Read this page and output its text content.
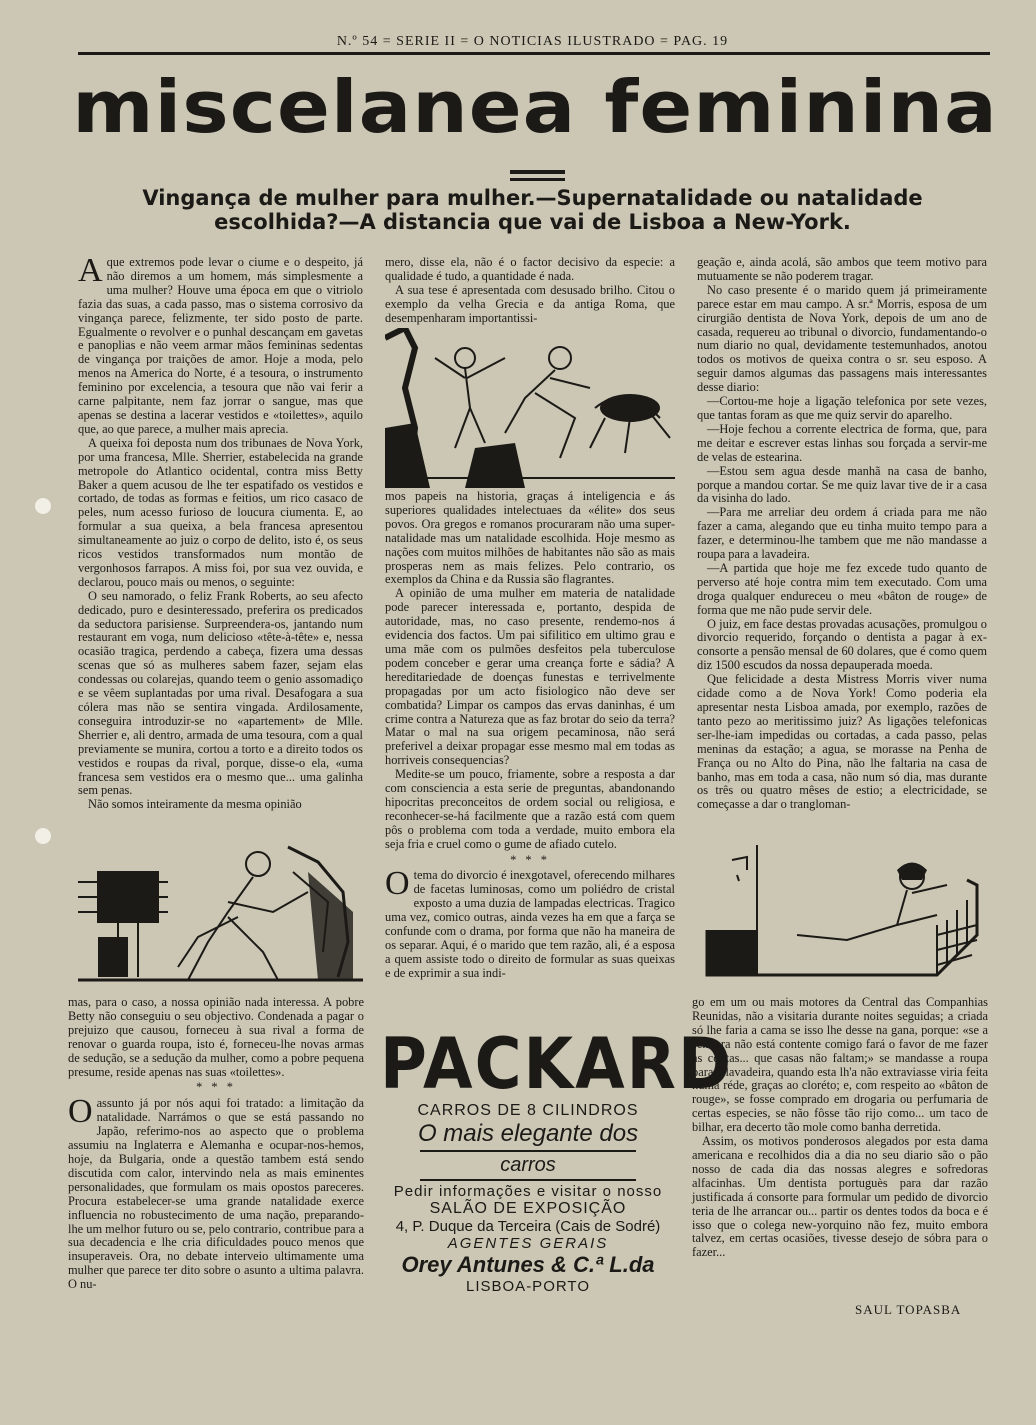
N.º 54 = SERIE II = O NOTICIAS ILUSTRADO = PAG. 19
miscelanea feminina
Vingança de mulher para mulher.—Supernatalidade ou natalidade escolhida?—A distancia que vai de Lisboa a New-York.

Aque extremos pode levar o ciume e o despeito, já não diremos a um homem, más simplesmente a uma mulher? Houve uma época em que o vitriolo fazia das suas, a cada passo, mas o sistema corrosivo da vingança parece, felizmente, ter sido posto de parte. Egualmente o revolver e o punhal descançam em gavetas e panoplias e não veem armar mãos femininas sedentas de vingança por traições de amor. Hoje a moda, pelo menos na America do Norte, é a tesoura, o instrumento feminino por excelencia, a tesoura que não vai ferir a carne palpitante, nem faz jorrar o sangue, mas que apenas se destina a lacerar vestidos e «toilettes», aquilo que, ao que parece, a mulher mais aprecia.

A queixa foi deposta num dos tribunaes de Nova York, por uma francesa, Mlle. Sherrier, estabelecida na grande metropole do Atlantico ocidental, contra miss Betty Baker a quem acusou de lhe ter espatifado os vestidos e cortado, de todas as formas e feitios, um rico casaco de peles, num acesso furioso de loucura ciumenta. E, ao formular a sua queixa, a bela francesa apresentou simultaneamente ao juiz o corpo de delito, isto é, os seus ricos vestidos transformados num montão de vergonhosos farrapos. A miss foi, por sua vez ouvida, e declarou, pouco mais ou menos, o seguinte:

O seu namorado, o feliz Frank Roberts, ao seu afecto dedicado, puro e desinteressado, preferira os predicados da seductora parisiense. Surpreendera-os, jantando num restaurant em voga, num delicioso «tête-à-tête» e, nessa ocasião tragica, perdendo a cabeça, fizera uma dessas scenas que só as mulheres sabem fazer, sejam elas condessas ou colarejas, quando teem o genio assomadiço e se vêem suplantadas por uma rival. Desafogara a sua cólera mas não se sentira vingada. Ardilosamente, conseguira introduzir-se no «apartement» de Mlle. Sherrier e, ali dentro, armada de uma tesoura, com a qual previamente se munira, cortou a torto e a direito todos os vestidos e roupas da rival, porque, disse-o ela, «uma francesa sem vestidos era o mesmo que... uma galinha sem penas.

Não somos inteiramente da mesma opinião

mas, para o caso, a nossa opinião nada interessa. A pobre Betty não conseguiu o seu objectivo. Condenada a pagar o prejuizo que causou, forneceu à sua rival a forma de renovar o guarda roupa, isto é, forneceu-lhe novas armas de sedução, se a sedução da mulher, como a pobre pequena presume, reside apenas nas suas «toilettes».

* * *

Oassunto já por nós aqui foi tratado: a limitação da natalidade. Narrámos o que se está passando no Japão, referimo-nos ao aspecto que o problema assumiu na Inglaterra e Alemanha e ocupar-nos-hemos, hoje, da Bulgaria, onde a questão tambem está sendo discutida com calor, intervindo nela as mais eminentes personalidades, que formulam os mais opostos pareceres. Procura estabelecer-se uma grande natalidade exerce influencia no robustecimento de uma nação, preparando-lhe um melhor futuro ou se, pelo contrario, contribue para a sua decadencia e lhe cria dificuldades pouco menos que insuperaveis. Ora, no debate interveio ultimamente uma mulher que parece ter dito sobre o asunto a ultima palavra. O nu-

mero, disse ela, não é o factor decisivo da especie: a qualidade é tudo, a quantidade é nada.

A sua tese é apresentada com desusado brilho. Citou o exemplo da velha Grecia e da antiga Roma, que desempenharam importantissi-

mos papeis na historia, graças á inteligencia e ás superiores qualidades intelectuaes da «élite» dos seus povos. Ora gregos e romanos procuraram não uma super-natalidade mas um natalidade escolhida. Hoje mesmo as nações com muitos milhões de habitantes não são as mais prosperas nem as mais felizes. Pelo contrario, os exemplos da China e da Russia são flagrantes.

A opinião de uma mulher em materia de natalidade pode parecer interessada e, portanto, despida de autoridade, mas, no caso presente, rendemo-nos á evidencia dos factos. Um pai sifilitico em ultimo grau e uma mãe com os pulmões desfeitos pela tuberculose podem conceber e gerar uma creança forte e sádia? A hereditariedade de doenças funestas e terrivelmente propagadas por um acto fisiologico não deve ser combatida? Limpar os campos das ervas daninhas, é um crime contra a Natureza que as faz brotar do seio da terra? Matar o mal na sua origem pecaminosa, não será preferivel a deixar propagar esse mesmo mal em todas as horriveis consequencias?

Medite-se um pouco, friamente, sobre a resposta a dar com consciencia a esta serie de preguntas, abandonando hipocritas preconceitos de ordem social ou religiosa, e reconhecer-se-há facilmente que a razão está com quem pôs o problema com toda a verdade, muito embora ela seja fria e cruel como o gume de afiado cutelo.

* * *

Otema do divorcio é inexgotavel, oferecendo milhares de facetas luminosas, como um poliédro de cristal exposto a uma duzia de lampadas electricas. Tragico uma vez, comico outras, ainda vezes ha em que a farça se confunde com o drama, por forma que não ha maneira de os separar. Aqui, é o marido que tem razão, ali, é a esposa a quem assiste todo o direito de formular as suas queixas e de exprimir a sua indi-

PACKARD
CARROS DE 8 CILINDROS
O mais elegante dos
carros
Pedir informações e visitar o nosso
SALÃO DE EXPOSIÇÃO
4, P. Duque da Terceira (Cais de Sodré)
AGENTES GERAIS
Orey Antunes & C.ª L.da
LISBOA-PORTO

geação e, ainda acolá, são ambos que teem motivo para mutuamente se não poderem tragar.

No caso presente é o marido quem já primeiramente parece estar em mau campo. A sr.ª Morris, esposa de um cirurgião dentista de Nova York, depois de um ano de casada, requereu ao tribunal o divorcio, fundamentando-o num diario no qual, devidamente testemunhados, anotou todos os motivos de queixa contra o sr. seu esposo. A seguir damos algumas das passagens mais interessantes desse diario:

—Cortou-me hoje a ligação telefonica por sete vezes, que tantas foram as que me quiz servir do aparelho.

—Hoje fechou a corrente electrica de forma, que, para me deitar e escrever estas linhas sou forçada a servir-me de velas de estearina.

—Estou sem agua desde manhã na casa de banho, porque a mandou cortar. Se me quiz lavar tive de ir a casa da visinha do lado.

—Para me arreliar deu ordem á criada para me não fazer a cama, alegando que eu tinha muito tempo para a fazer, e determinou-lhe tambem que me não mandasse a roupa para a lavadeira.

—A partida que hoje me fez excede tudo quanto de perverso até hoje contra mim tem executado. Com uma droga qualquer endureceu o meu «bâton de rouge» de forma que me não pude servir dele.

O juiz, em face destas provadas acusações, promulgou o divorcio requerido, forçando o dentista a pagar à ex-consorte a pensão mensal de 60 dolares, que é como quem diz 1500 escudos da nossa depauperada moeda.

Que felicidade a desta Mistress Morris viver numa cidade como a de Nova York! Como poderia ela apresentar nesta Lisboa amada, por exemplo, razões de tanto pezo ao meritissimo juiz? As ligações telefonicas ser-lhe-iam impedidas ou cortadas, a cada passo, pelas meninas da estação; a agua, se morasse na Penha de França ou no Alto do Pina, não lhe faltaria na casa de banho, mas em toda a casa, não num só dia, mas durante os três ou quatro mêses de estio; a electricidade, se começasse a dar o trangloman-

go em um ou mais motores da Central das Companhias Reunidas, não a visitaria durante noites seguidas; a criada só lhe faria a cama se isso lhe desse na gana, porque: «se a senhora não está contente comigo fará o favor de me fazer as contas... que casas não faltam;» se mandasse a roupa para a lavadeira, quando esta lh'a não extraviasse viria feita numa réde, graças ao cloréto; e, com respeito ao «bâton de rouge», se fosse comprado em drogaria ou perfumaria de certas especies, se não fôsse tão rijo como... um taco de bilhar, era decerto tão mole como banha derretida.

Assim, os motivos ponderosos alegados por esta dama americana e recolhidos dia a dia no seu diario são o pão nosso de cada dia das nossas alegres e sofredoras alfacinhas. Um dentista portuguès para dar razão justificada á consorte para formular um pedido de divorcio teria de lhe arrancar ou... partir os dentes todos da boca e é isso que o colega new-yorquino não fez, muito embora talvez, em certas ocasiões, tivesse desejo de sóbra para o fazer...

SAUL TOPASBA
